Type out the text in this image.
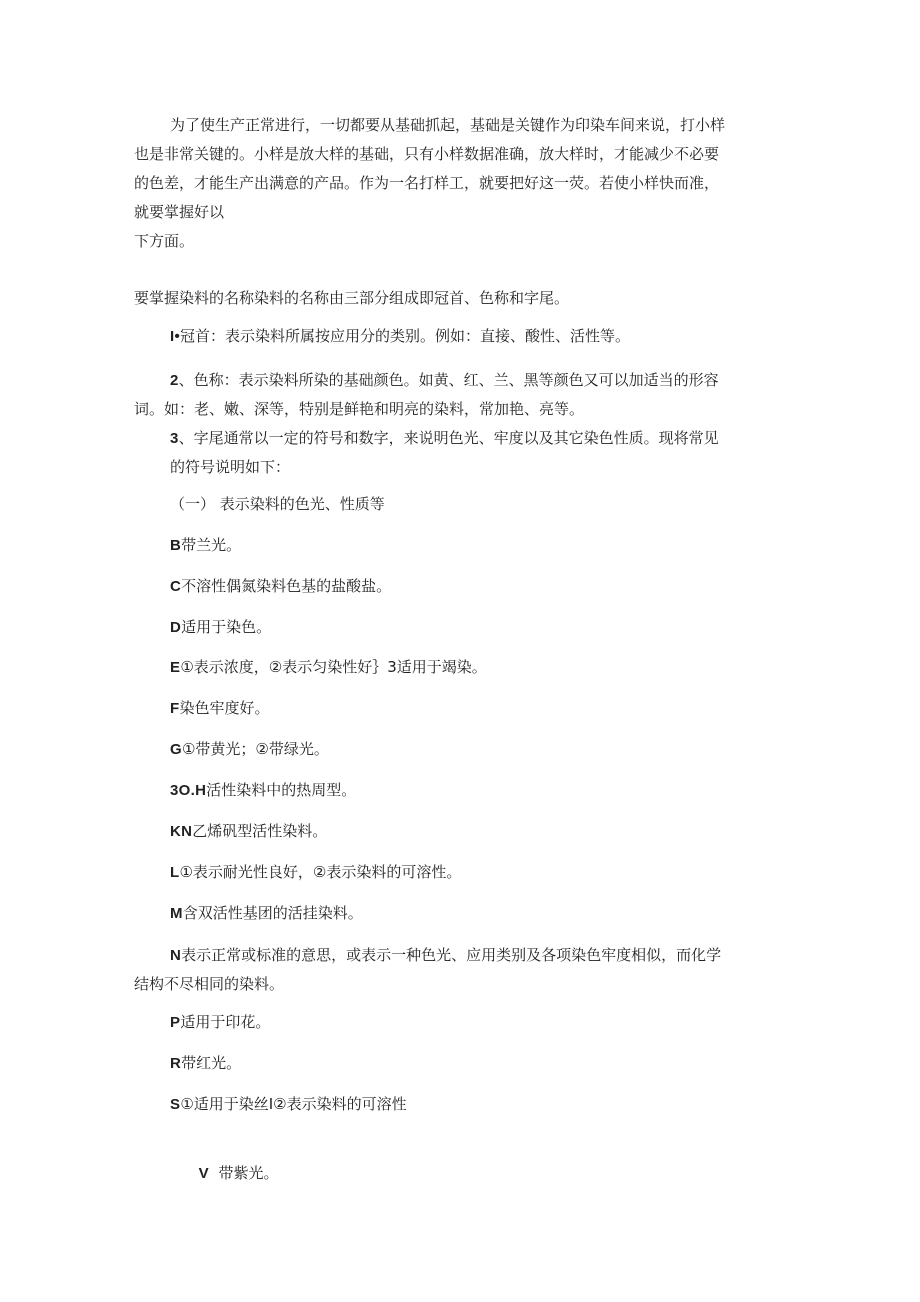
为了使生产正常进行，一切都要从基础抓起，基础是关键作为印染车间来说，打小样
也是非常关键的。小样是放大样的基础，只有小样数据准确，放大样时，才能减少不必要
的色差，才能生产出满意的产品。作为一名打样工，就要把好这一荧。若使小样快而准，
就要掌握好以
下方面。

要掌握染料的名称染料的名称由三部分组成即冠首、色称和字尾。

I•冠首：表示染料所属按应用分的类别。例如：直接、酸性、活性等。

2、色称：表示染料所染的基础颜色。如黄、红、兰、黑等颜色又可以加适当的形容

词。如：老、嫩、深等，特别是鲜艳和明亮的染料，常加艳、亮等。

3、字尾通常以一定的符号和数字，来说明色光、牢度以及其它染色性质。现将常见

的符号说明如下：

（一） 表示染料的色光、性质等

B带兰光。

C不溶性偶氮染料色基的盐酸盐。

D适用于染色。

E①表示浓度，②表示匀染性好｝3适用于竭染。

F染色牢度好。

G①带黄光；②带绿光。

3O.H活性染料中的热周型。

KN乙烯矾型活性染料。

L①表示耐光性良好，②表示染料的可溶性。

M含双活性基团的活挂染料。

N表示正常或标准的意思，或表示一种色光、应用类别及各项染色牢度相似，而化学

结构不尽相同的染料。

P适用于印花。

R带红光。

S①适用于染丝I②表示染料的可溶性

V  带紫光。
